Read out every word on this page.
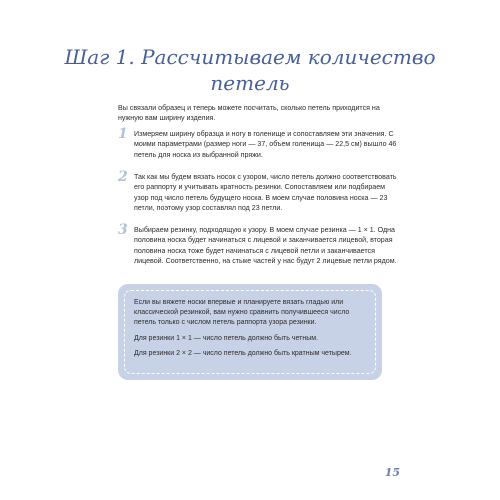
Шаг 1. Рассчитываем количество петель
Вы связали образец и теперь можете посчитать, сколько петель приходится на нужную вам ширину изделия.
1 Измеряем ширину образца и ногу в голенище и сопоставляем эти значения. С моими параметрами (размер ноги — 37, объем голенища — 22,5 см) вышло 46 петель для носка из выбранной пряжи.
2 Так как мы будем вязать носок с узором, число петель должно соответствовать его раппорту и учитывать кратность резинки. Сопоставляем или подбираем узор под число петель будущего носка. В моем случае половина носка — 23 петли, поэтому узор составлял под 23 петли.
3 Выбираем резинку, подходящую к узору. В моем случае резинка — 1 × 1. Одна половина носка будет начинаться с лицевой и заканчивается лицевой, вторая половина носка тоже будет начинаться с лицевой петли и заканчивается лицевой. Соответственно, на стыке частей у нас будут 2 лицевые петли рядом.

Если вы вяжете носки впервые и планируете вязать гладью или классической резинкой, вам нужно сравнить получившееся число петель только с числом петель раппорта узора резинки.

Для резинки 1 × 1 — число петель должно быть четным.

Для резинки 2 × 2 — число петель должно быть кратным четырем.

15
